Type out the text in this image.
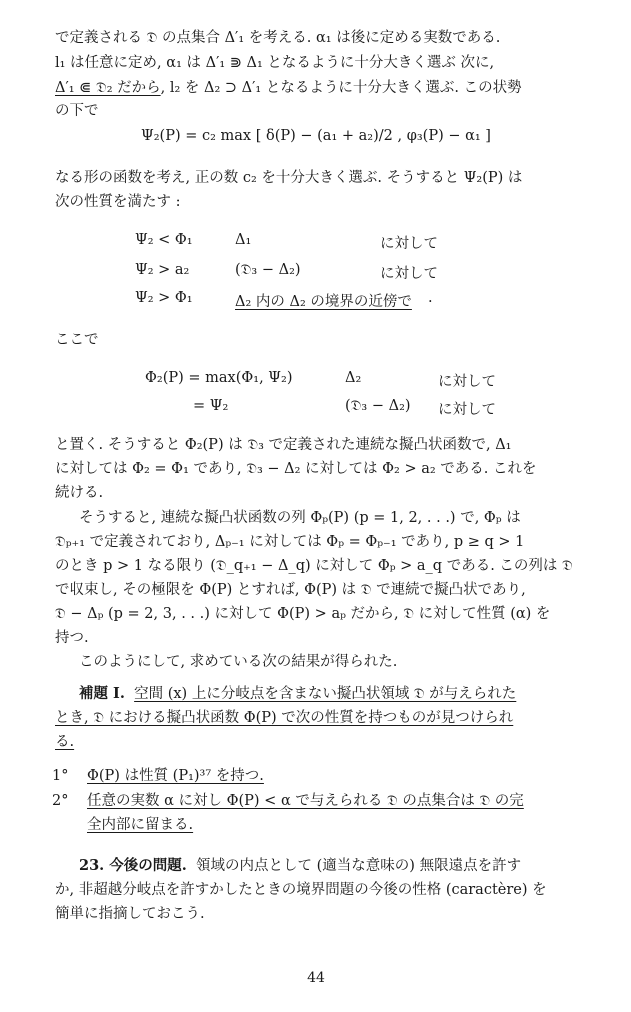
で定義される 𝔇 の点集合 Δ′₁ を考える. α₁ は後に定める実数である.
l₁ は任意に定め, α₁ は Δ′₁ ⋑ Δ₁ となるように十分大きく選ぶ 次に,
Δ′₁ ⋐ 𝔇₂ だから, l₂ を Δ₂ ⊃ Δ′₁ となるように十分大きく選ぶ. この状勢
の下で
Ψ₂(P) = c₂ max [ δ(P) − (a₁ + a₂)/2 , φ₃(P) − α₁ ]
なる形の函数を考え, 正の数 c₂ を十分大きく選ぶ. そうすると Ψ₂(P) は
次の性質を満たす :
Ψ₂ < Φ₁	Δ₁	に対して
Ψ₂ > a₂	(𝔇₃ − Δ₂)	に対して
Ψ₂ > Φ₁	Δ₂ 内の Δ₂ の境界の近傍で .
ここで
Φ₂(P) = max(Φ₁, Ψ₂)	Δ₂	に対して
= Ψ₂	(𝔇₃ − Δ₂) に対して
と置く. そうすると Φ₂(P) は 𝔇₃ で定義された連続な擬凸状函数で, Δ₁
に対しては Φ₂ = Φ₁ であり, 𝔇₃ − Δ₂ に対しては Φ₂ > a₂ である. これを
続ける.
そうすると, 連続な擬凸状函数の列 Φₚ(P) (p = 1, 2, . . .) で, Φₚ は
𝔇ₚ₊₁ で定義されており, Δₚ₋₁ に対しては Φₚ = Φₚ₋₁ であり, p ≥ q > 1
のとき p > 1 なる限り (𝔇_q₊₁ − Δ_q) に対して Φₚ > a_q である. この列は 𝔇
で収束し, その極限を Φ(P) とすれば, Φ(P) は 𝔇 で連続で擬凸状であり,
𝔇 − Δₚ (p = 2, 3, . . .) に対して Φ(P) > aₚ だから, 𝔇 に対して性質 (α) を
持つ.
このようにして, 求めている次の結果が得られた.
補題 I. 空間 (x) 上に分岐点を含まない擬凸状領域 𝔇 が与えられた
とき, 𝔇 における擬凸状函数 Φ(P) で次の性質を持つものが見つけられ
る.
1° Φ(P) は性質 (P₁)³⁷ を持つ.
2° 任意の実数 α に対し Φ(P) < α で与えられる 𝔇 の点集合は 𝔇 の完
全内部に留まる.
23. 今後の問題. 領域の内点として (適当な意味の) 無限遠点を許す
か, 非超越分岐点を許すかしたときの境界問題の今後の性格 (caractère) を
簡単に指摘しておこう.
44
